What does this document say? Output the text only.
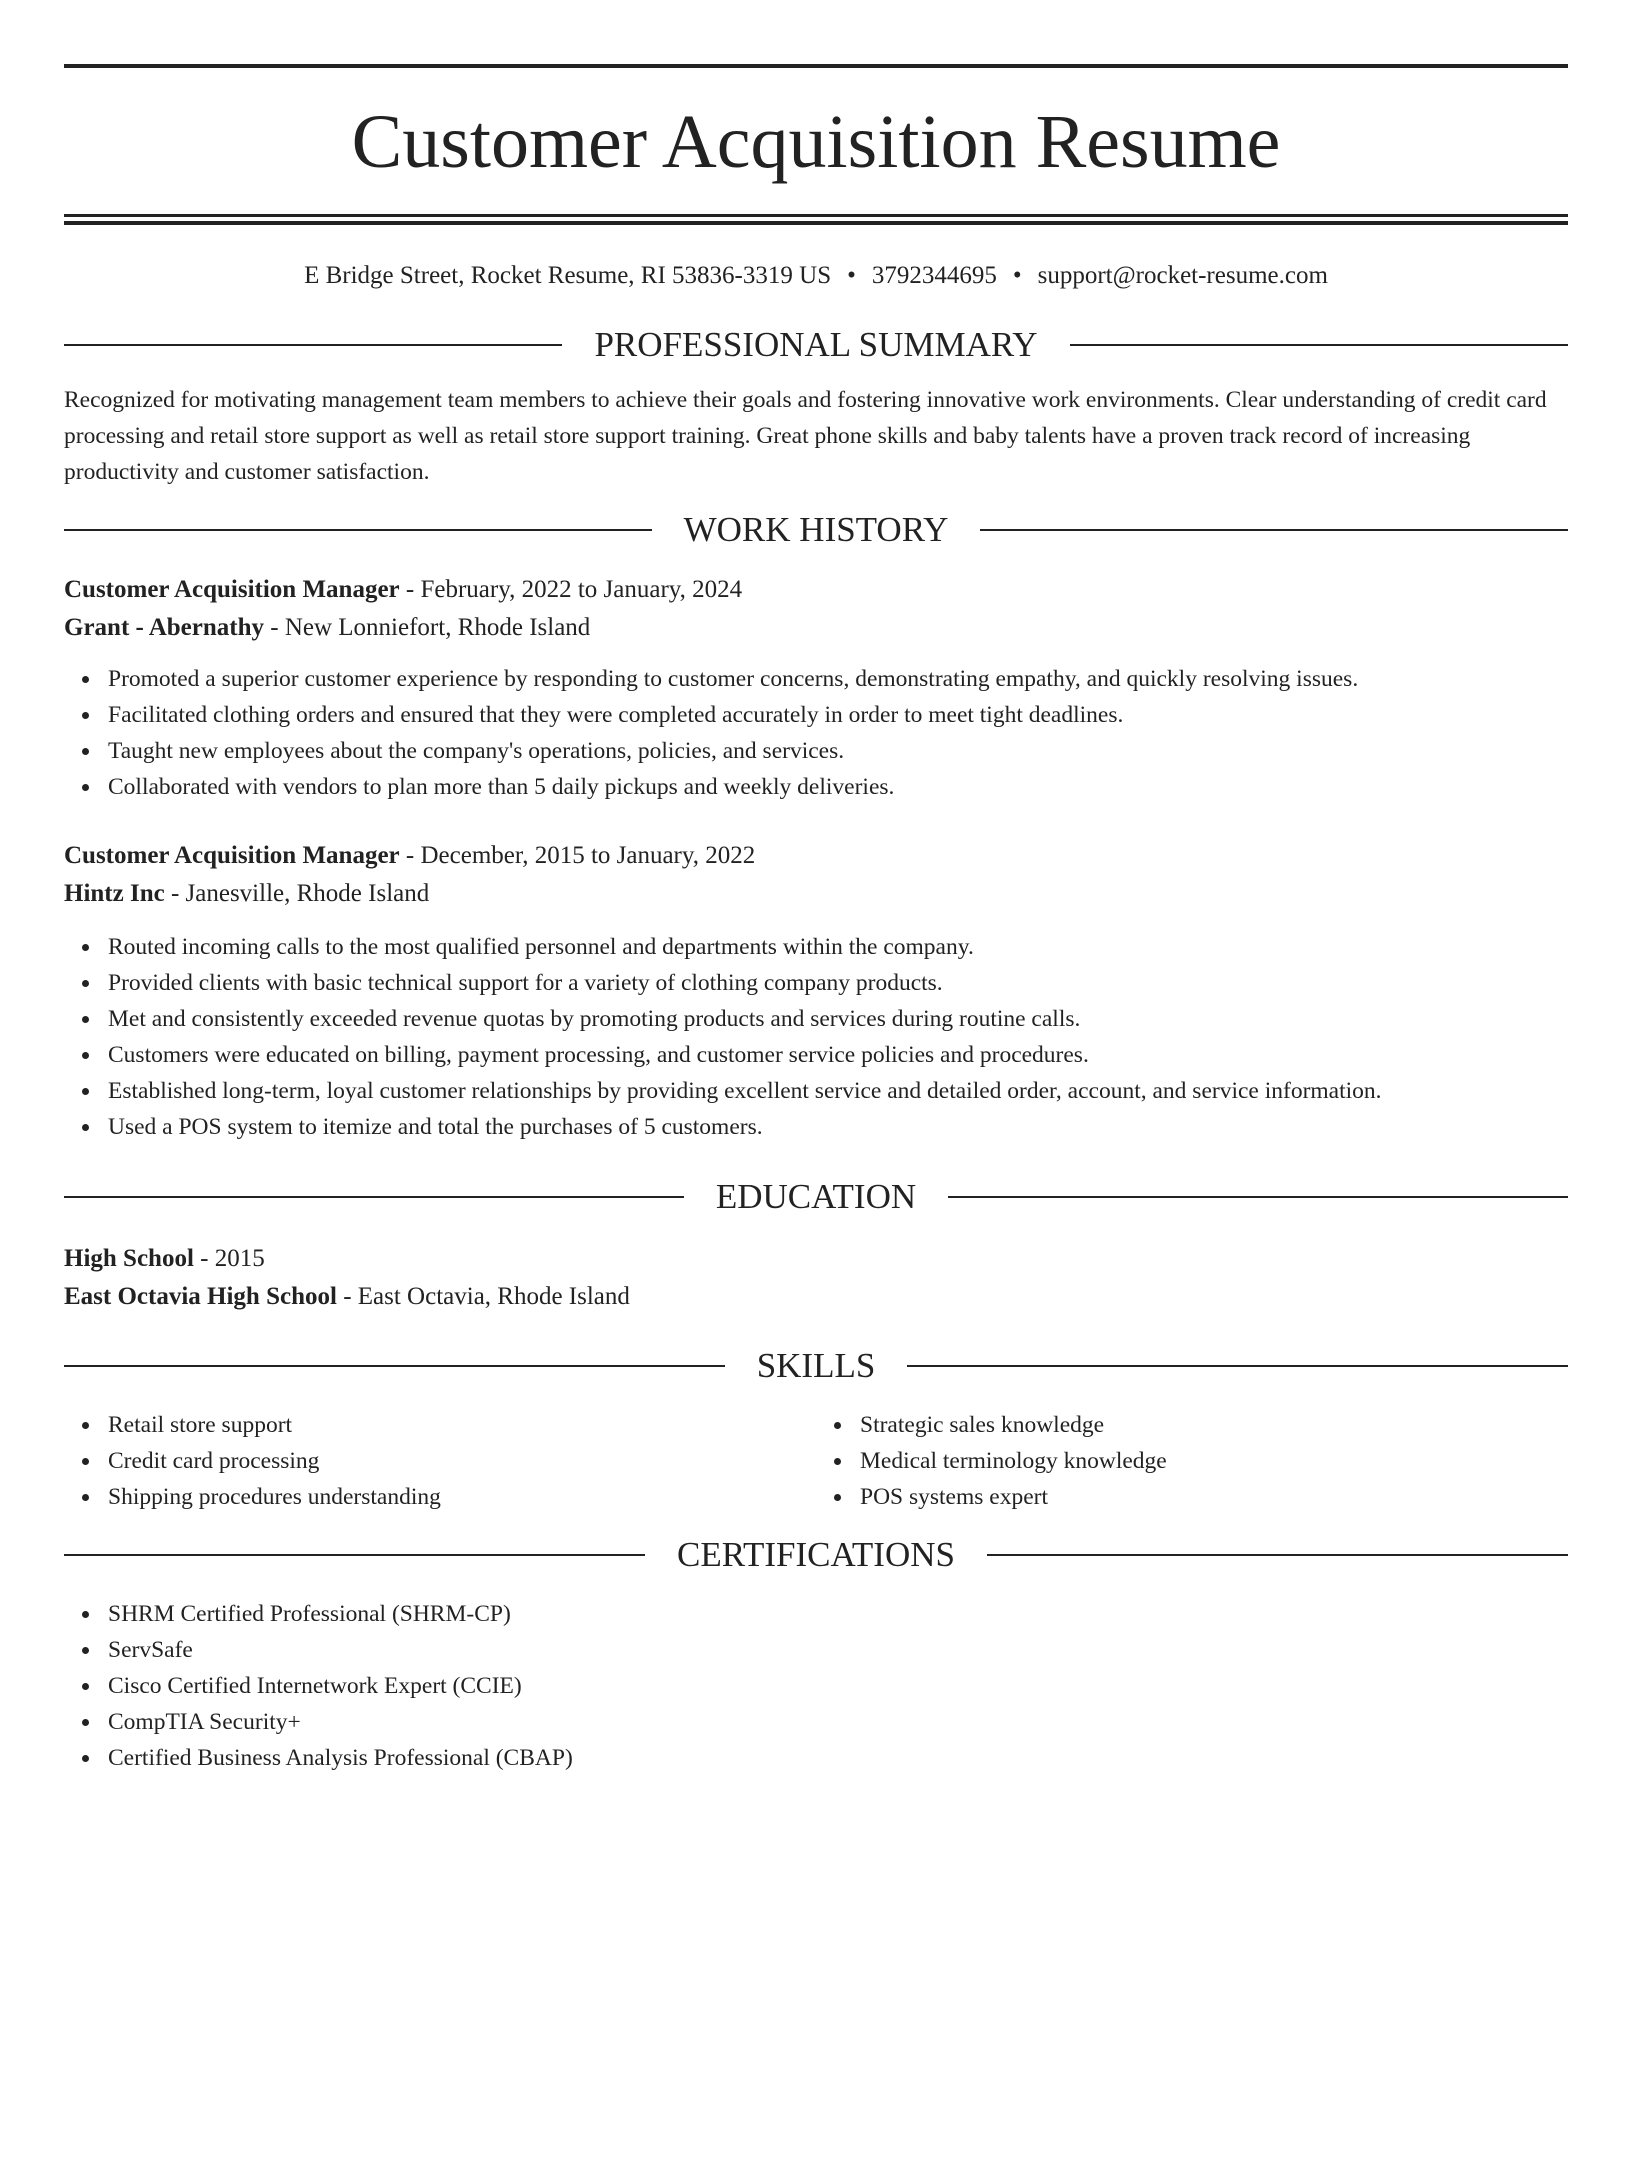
Customer Acquisition Resume
E Bridge Street, Rocket Resume, RI 53836-3319 US • 3792344695 • support@rocket-resume.com
PROFESSIONAL SUMMARY

Recognized for motivating management team members to achieve their goals and fostering innovative work environments. Clear understanding of credit card processing and retail store support as well as retail store support training. Great phone skills and baby talents have a proven track record of increasing productivity and customer satisfaction.

WORK HISTORY
Customer Acquisition Manager - February, 2022 to January, 2024
Grant - Abernathy - New Lonniefort, Rhode Island
Promoted a superior customer experience by responding to customer concerns, demonstrating empathy, and quickly resolving issues.
Facilitated clothing orders and ensured that they were completed accurately in order to meet tight deadlines.
Taught new employees about the company's operations, policies, and services.
Collaborated with vendors to plan more than 5 daily pickups and weekly deliveries.
Customer Acquisition Manager - December, 2015 to January, 2022
Hintz Inc - Janesville, Rhode Island
Routed incoming calls to the most qualified personnel and departments within the company.
Provided clients with basic technical support for a variety of clothing company products.
Met and consistently exceeded revenue quotas by promoting products and services during routine calls.
Customers were educated on billing, payment processing, and customer service policies and procedures.
Established long-term, loyal customer relationships by providing excellent service and detailed order, account, and service information.
Used a POS system to itemize and total the purchases of 5 customers.
EDUCATION
High School - 2015
East Octavia High School - East Octavia, Rhode Island
SKILLS
Retail store support
Credit card processing
Shipping procedures understanding
Strategic sales knowledge
Medical terminology knowledge
POS systems expert
CERTIFICATIONS
SHRM Certified Professional (SHRM-CP)
ServSafe
Cisco Certified Internetwork Expert (CCIE)
CompTIA Security+
Certified Business Analysis Professional (CBAP)
